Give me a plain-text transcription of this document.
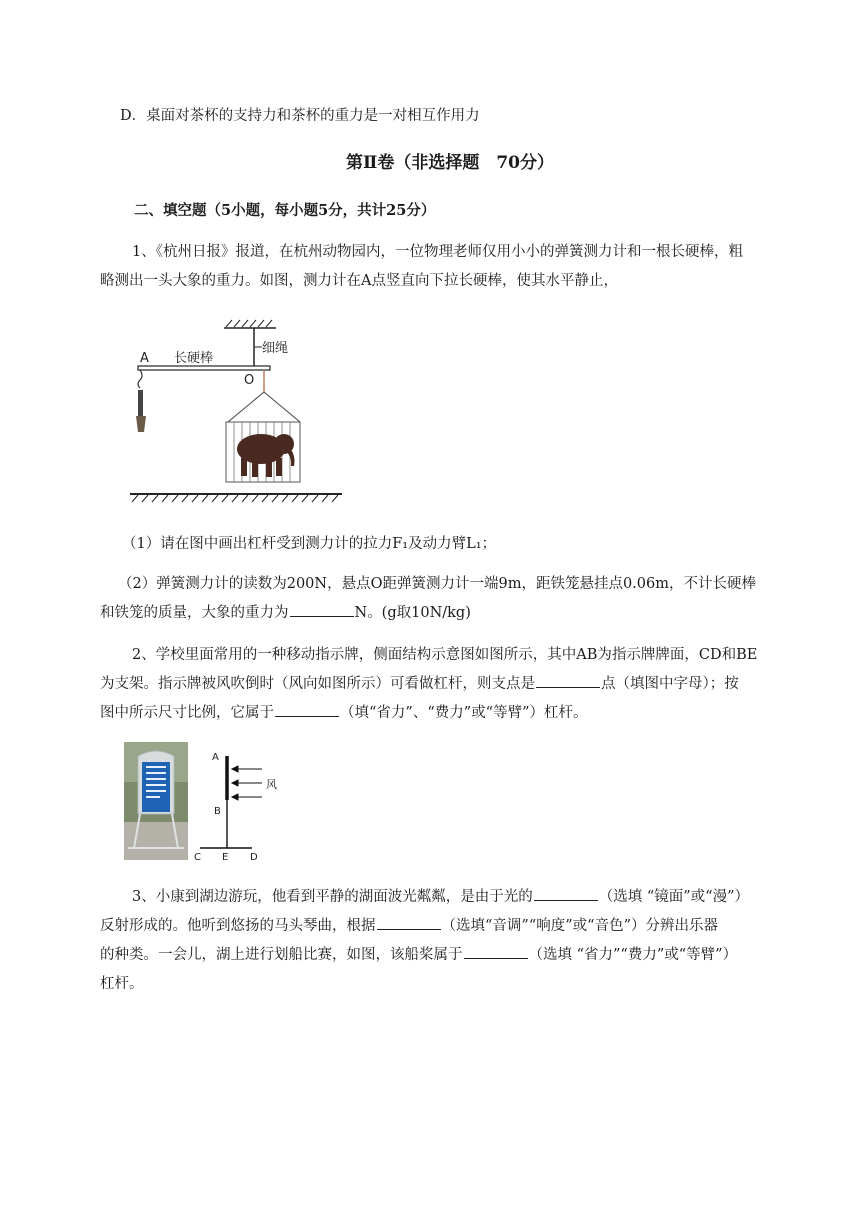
D．桌面对茶杯的支持力和茶杯的重力是一对相互作用力
第Ⅱ卷（非选择题　70分）
二、填空题（5小题，每小题5分，共计25分）
1、《杭州日报》报道，在杭州动物园内，一位物理老师仅用小小的弹簧测力计和一根长硬棒，粗
略测出一头大象的重力。如图，测力计在A点竖直向下拉长硬棒，使其水平静止，
细绳
A 长硬棒
O
（1）请在图中画出杠杆受到测力计的拉力F₁及动力臂L₁；
（2）弹簧测力计的读数为200N，悬点O距弹簧测力计一端9m，距铁笼悬挂点0.06m，不计长硬棒
和铁笼的质量，大象的重力为	N。(g取10N/kg)
2、学校里面常用的一种移动指示牌，侧面结构示意图如图所示，其中AB为指示牌牌面，CD和BE
为支架。指示牌被风吹倒时（风向如图所示）可看做杠杆，则支点是	点（填图中字母）；按
图中所示尺寸比例，它属于	（填“省力”、“费力”或“等臂”）杠杆。
A
B
C E D
风
3、小康到湖边游玩，他看到平静的湖面波光粼粼，是由于光的	（选填 “镜面”或“漫”）
反射形成的。他听到悠扬的马头琴曲，根据	（选填“音调”“响度”或“音色”）分辨出乐器
的种类。一会儿，湖上进行划船比赛，如图，该船桨属于	（选填 “省力”“费力”或“等臂”）
杠杆。
